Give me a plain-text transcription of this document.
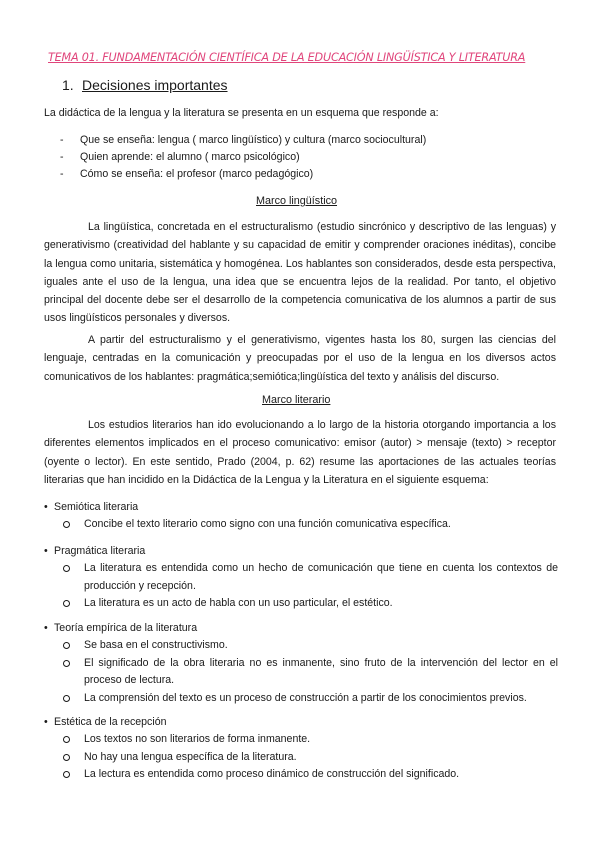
TEMA 01. FUNDAMENTACIÓN CIENTÍFICA DE LA EDUCACIÓN LINGÜÍSTICA Y LITERATURA
1. Decisiones importantes
La didáctica de la lengua y la literatura se presenta en un esquema que responde a:
- Que se enseña: lengua ( marco lingüístico) y cultura (marco sociocultural)
- Quien aprende: el alumno ( marco psicológico)
- Cómo se enseña: el profesor (marco pedagógico)
Marco lingüístico

La lingüística, concretada en el estructuralismo (estudio sincrónico y descriptivo de las lenguas) y generativismo (creatividad del hablante y su capacidad de emitir y comprender oraciones inéditas), concibe la lengua como unitaria, sistemática y homogénea. Los hablantes son considerados, desde esta perspectiva, iguales ante el uso de la lengua, una idea que se encuentra lejos de la realidad. Por tanto, el objetivo principal del docente debe ser el desarrollo de la competencia comunicativa de los alumnos a partir de sus usos lingüísticos personales y diversos.

A partir del estructuralismo y el generativismo, vigentes hasta los 80, surgen las ciencias del lenguaje, centradas en la comunicación y preocupadas por el uso de la lengua en los diversos actos comunicativos de los hablantes: pragmática;semiótica;lingüística del texto y análisis del discurso.

Marco literario

Los estudios literarios han ido evolucionando a lo largo de la historia otorgando importancia a los diferentes elementos implicados en el proceso comunicativo: emisor (autor) > mensaje (texto) > receptor (oyente o lector). En este sentido, Prado (2004, p. 62) resume las aportaciones de las actuales teorías literarias que han incidido en la Didáctica de la Lengua y la Literatura en el siguiente esquema:

• Semiótica literaria
Concibe el texto literario como signo con una función comunicativa específica.
• Pragmática literaria
La literatura es entendida como un hecho de comunicación que tiene en cuenta los contextos de producción y recepción.
La literatura es un acto de habla con un uso particular, el estético.
• Teoría empírica de la literatura
Se basa en el constructivismo.
El significado de la obra literaria no es inmanente, sino fruto de la intervención del lector en el proceso de lectura.
La comprensión del texto es un proceso de construcción a partir de los conocimientos previos.
• Estética de la recepción
Los textos no son literarios de forma inmanente.
No hay una lengua específica de la literatura.
La lectura es entendida como proceso dinámico de construcción del significado.
